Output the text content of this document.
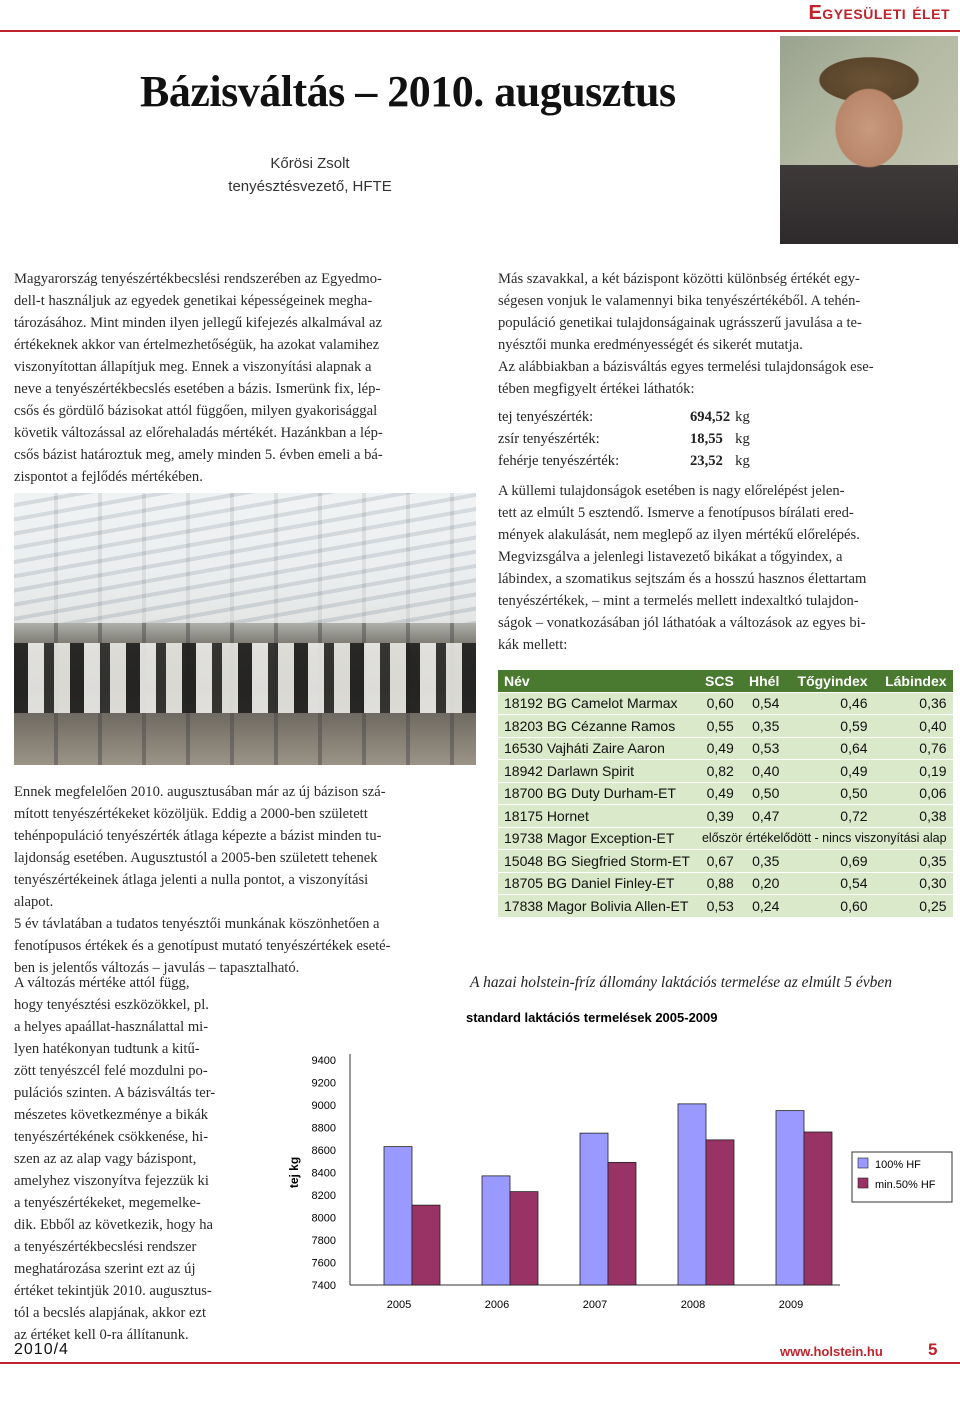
Egyesületi élet
Bázisváltás – 2010. augusztus
Kőrösi Zsolt
tenyésztésvezető, HFTE
Magyarország tenyészértékbecslési rendszerében az Egyedmo-
dell-t használjuk az egyedek genetikai képességeinek megha-
tározásához. Mint minden ilyen jellegű kifejezés alkalmával az
értékeknek akkor van értelmezhetőségük, ha azokat valamihez
viszonyítottan állapítjuk meg. Ennek a viszonyítási alapnak a
neve a tenyészértékbecslés esetében a bázis. Ismerünk fix, lép-
csős és gördülő bázisokat attól függően, milyen gyakorisággal
követik változással az előrehaladás mértékét. Hazánkban a lép-
csős bázist határoztuk meg, amely minden 5. évben emeli a bá-
zispontot a fejlődés mértékében.
Ennek megfelelően 2010. augusztusában már az új bázison szá-
mított tenyészértékeket közöljük. Eddig a 2000-ben született
tehénpopuláció tenyészérték átlaga képezte a bázist minden tu-
lajdonság esetében. Augusztustól a 2005-ben született tehenek
tenyészértékeinek átlaga jelenti a nulla pontot, a viszonyítási
alapot.
5 év távlatában a tudatos tenyésztői munkának köszönhetően a
fenotípusos értékek és a genotípust mutató tenyészértékek eseté-
ben is jelentős változás – javulás – tapasztalható.
A változás mértéke attól függ,
hogy tenyésztési eszközökkel, pl.
a helyes apaállat-használattal mi-
lyen hatékonyan tudtunk a kitű-
zött tenyészcél felé mozdulni po-
pulációs szinten. A bázisváltás ter-
mészetes következménye a bikák
tenyészértékének csökkenése, hi-
szen az az alap vagy bázispont,
amelyhez viszonyítva fejezzük ki
a tenyészértékeket, megemelke-
dik. Ebből az következik, hogy ha
a tenyészértékbecslési rendszer
meghatározása szerint ezt az új
értéket tekintjük 2010. augusztus-
tól a becslés alapjának, akkor ezt
az értéket kell 0-ra állítanunk.
Más szavakkal, a két bázispont közötti különbség értékét egy-
ségesen vonjuk le valamennyi bika tenyészértékéből. A tehén-
populáció genetikai tulajdonságainak ugrásszerű javulása a te-
nyésztői munka eredményességét és sikerét mutatja.
Az alábbiakban a bázisváltás egyes termelési tulajdonságok ese-
tében megfigyelt értékei láthatók:
tej tenyészérték:	694,52	kg
zsír tenyészérték:	18,55	kg
fehérje tenyészérték:	23,52	kg
A küllemi tulajdonságok esetében is nagy előrelépést jelen-
tett az elmúlt 5 esztendő. Ismerve a fenotípusos bírálati ered-
mények alakulását, nem meglepő az ilyen mértékű előrelépés.
Megvizsgálva a jelenlegi listavezető bikákat a tőgyindex, a
lábindex, a szomatikus sejtszám és a hosszú hasznos élettartam
tenyészértékek, – mint a termelés mellett indexaltkó tulajdon-
ságok – vonatkozásában jól láthatóak a változások az egyes bi-
kák mellett:
Név	SCS	Hhél	Tőgyindex	Lábindex
18192 BG Camelot Marmax	0,60	0,54	0,46	0,36
18203 BG Cézanne Ramos	0,55	0,35	0,59	0,40
16530 Vajháti Zaire Aaron	0,49	0,53	0,64	0,76
18942 Darlawn Spirit	0,82	0,40	0,49	0,19
18700 BG Duty Durham-ET	0,49	0,50	0,50	0,06
18175 Hornet	0,39	0,47	0,72	0,38
19738 Magor Exception-ET	először értékelődött - nincs viszonyítási alap			
15048 BG Siegfried Storm-ET	0,67	0,35	0,69	0,35
18705 BG Daniel Finley-ET	0,88	0,20	0,54	0,30
17838 Magor Bolivia Allen-ET	0,53	0,24	0,60	0,25
A hazai holstein-fríz állomány laktációs termelése az elmúlt 5 évben
standard laktációs termelések 2005-2009
9400
9200
9000
8800
8600
8400
8200
8000
7800
7600
7400
tej kg
2005	2006	2007	2008	2009
100% HF
min.50% HF
2010/4	www.holstein.hu	5
